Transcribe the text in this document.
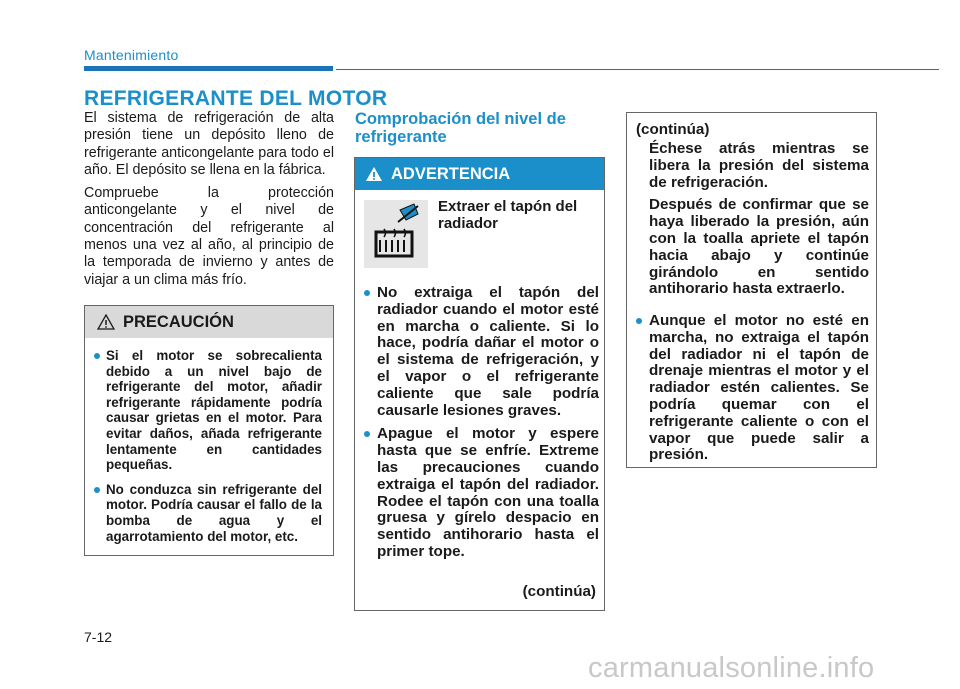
Mantenimiento
REFRIGERANTE DEL MOTOR

El sistema de refrigeración de alta presión tiene un depósito lleno de refrigerante anticongelante para todo el año. El depósito se llena en la fábrica.

Compruebe la protección anticongelante y el nivel de concentración del refrigerante al menos una vez al año, al principio de la temporada de invierno y antes de viajar a un clima más frío.

PRECAUCIÓN
Si el motor se sobrecalienta debido a un nivel bajo de refrigerante del motor, añadir refrigerante rápidamente podría causar grietas en el motor. Para evitar daños, añada refrigerante lentamente en cantidades pequeñas.
No conduzca sin refrigerante del motor. Podría causar el fallo de la bomba de agua y el agarrotamiento del motor, etc.
Comprobación del nivel de refrigerante
ADVERTENCIA
Extraer el tapón del radiador
No extraiga el tapón del radiador cuando el motor esté en marcha o caliente. Si lo hace, podría dañar el motor o el sistema de refrigeración, y el vapor o el refrigerante caliente que sale podría causarle lesiones graves.
Apague el motor y espere hasta que se enfríe. Extreme las precauciones cuando extraiga el tapón del radiador. Rodee el tapón con una toalla gruesa y gírelo despacio en sentido antihorario hasta el primer tope.
(continúa)
(continúa)

Échese atrás mientras se libera la presión del sistema de refrigeración.

Después de confirmar que se haya liberado la presión, aún con la toalla apriete el tapón hacia abajo y continúe girándolo en sentido antihorario hasta extraerlo.

Aunque el motor no esté en marcha, no extraiga el tapón del radiador ni el tapón de drenaje mientras el motor y el radiador estén calientes. Se podría quemar con el refrigerante caliente o con el vapor que puede salir a presión.
7-12
carmanualsonline.info
